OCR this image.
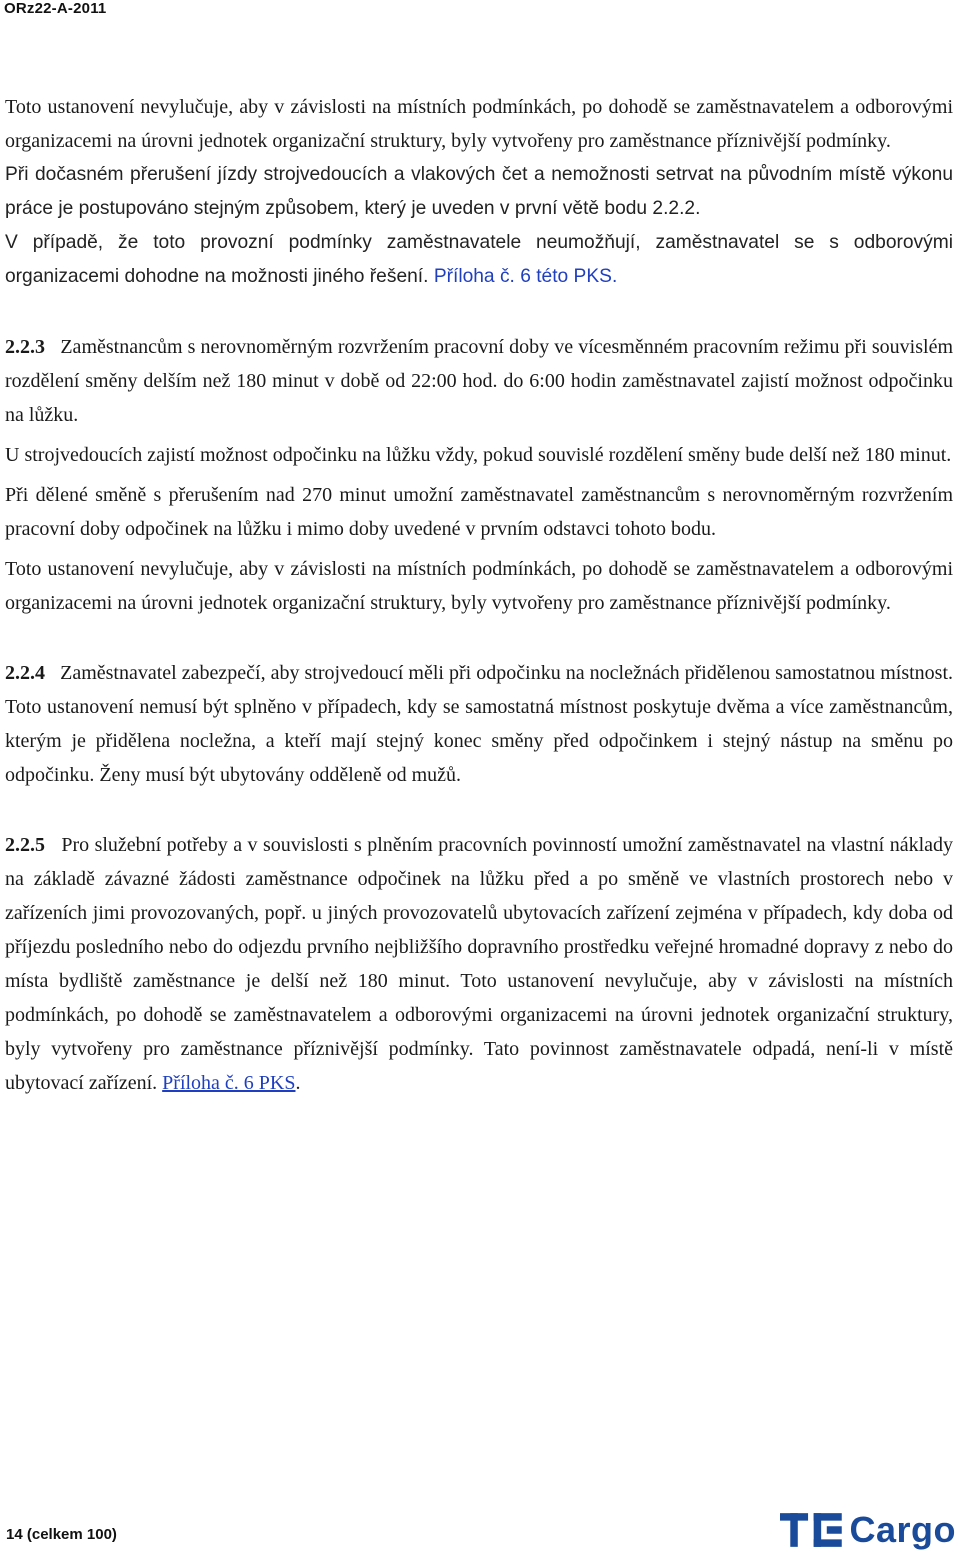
ORz22-A-2011

Toto ustanovení nevylučuje, aby v závislosti na místních podmínkách, po dohodě se zaměstnavatelem a odborovými organizacemi na úrovni jednotek organizační struktury, byly vytvořeny pro zaměstnance příznivější podmínky.

Při dočasném přerušení jízdy strojvedoucích a vlakových čet a nemožnosti setrvat na původním místě výkonu práce je postupováno stejným způsobem, který je uveden v první větě bodu 2.2.2.

V případě, že toto provozní podmínky zaměstnavatele neumožňují, zaměstnavatel se s odborovými organizacemi dohodne na možnosti jiného řešení. Příloha č. 6 této PKS.

2.2.3 Zaměstnancům s nerovnoměrným rozvržením pracovní doby ve vícesměnném pracovním režimu při souvislém rozdělení směny delším než 180 minut v době od 22:00 hod. do 6:00 hodin zaměstnavatel zajistí možnost odpočinku na lůžku.

U strojvedoucích zajistí možnost odpočinku na lůžku vždy, pokud souvislé rozdělení směny bude delší než 180 minut.

Při dělené směně s přerušením nad 270 minut umožní zaměstnavatel zaměstnancům s nerovnoměrným rozvržením pracovní doby odpočinek na lůžku i mimo doby uvedené v prvním odstavci tohoto bodu.

Toto ustanovení nevylučuje, aby v závislosti na místních podmínkách, po dohodě se zaměstnavatelem a odborovými organizacemi na úrovni jednotek organizační struktury, byly vytvořeny pro zaměstnance příznivější podmínky.

2.2.4 Zaměstnavatel zabezpečí, aby strojvedoucí měli při odpočinku na nocležnách přidělenou samostatnou místnost. Toto ustanovení nemusí být splněno v případech, kdy se samostatná místnost poskytuje dvěma a více zaměstnancům, kterým je přidělena nocležna, a kteří mají stejný konec směny před odpočinkem i stejný nástup na směnu po odpočinku. Ženy musí být ubytovány odděleně od mužů.

2.2.5 Pro služební potřeby a v souvislosti s plněním pracovních povinností umožní zaměstnavatel na vlastní náklady na základě závazné žádosti zaměstnance odpočinek na lůžku před a po směně ve vlastních prostorech nebo v zařízeních jimi provozovaných, popř. u jiných provozovatelů ubytovacích zařízení zejména v případech, kdy doba od příjezdu posledního nebo do odjezdu prvního nejbližšího dopravního prostředku veřejné hromadné dopravy z nebo do místa bydliště zaměstnance je delší než 180 minut. Toto ustanovení nevylučuje, aby v závislosti na místních podmínkách, po dohodě se zaměstnavatelem a odborovými organizacemi na úrovni jednotek organizační struktury, byly vytvořeny pro zaměstnance příznivější podmínky. Tato povinnost zaměstnavatele odpadá, není-li v místě ubytovací zařízení. Příloha č. 6 PKS.

14 (celkem 100)	Cargo
